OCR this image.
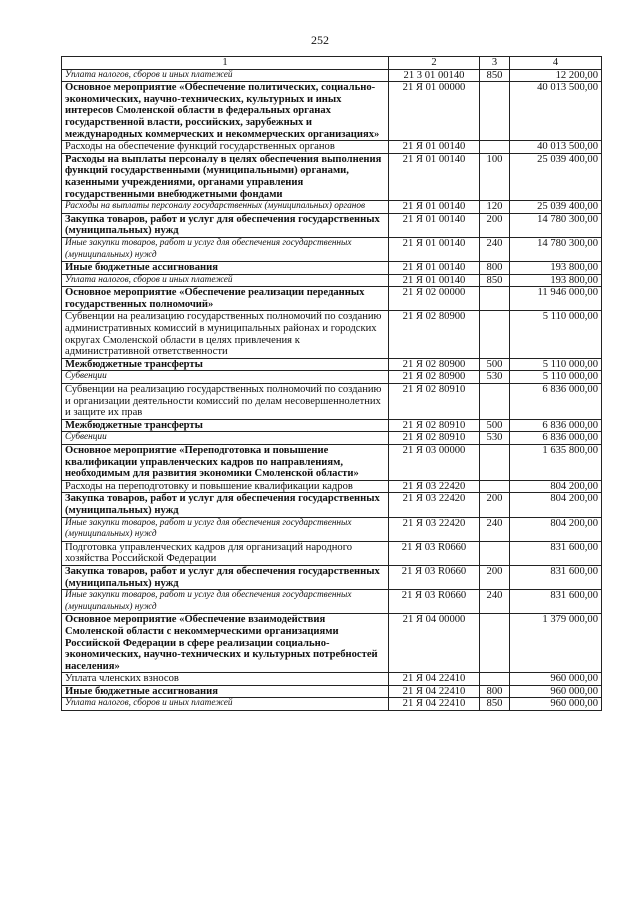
252
1	2	3	4
Уплата налогов, сборов и иных платежей	21 3 01 00140	850	12 200,00
Основное мероприятие «Обеспечение политических, социально-экономических, научно-технических, культурных и иных интересов Смоленской области в федеральных органах государственной власти, российских, зарубежных и международных коммерческих и некоммерческих организациях»	21 Я 01 00000		40 013 500,00
Расходы на обеспечение функций государственных органов	21 Я 01 00140		40 013 500,00
Расходы на выплаты персоналу в целях обеспечения выполнения функций государственными (муниципальными) органами, казенными учреждениями, органами управления государственными внебюджетными фондами	21 Я 01 00140	100	25 039 400,00
Расходы на выплаты персоналу государственных (муниципальных) органов	21 Я 01 00140	120	25 039 400,00
Закупка товаров, работ и услуг для обеспечения государственных (муниципальных) нужд	21 Я 01 00140	200	14 780 300,00
Иные закупки товаров, работ и услуг для обеспечения государственных (муниципальных) нужд	21 Я 01 00140	240	14 780 300,00
Иные бюджетные ассигнования	21 Я 01 00140	800	193 800,00
Уплата налогов, сборов и иных платежей	21 Я 01 00140	850	193 800,00
Основное мероприятие «Обеспечение реализации переданных государственных полномочий»	21 Я 02 00000		11 946 000,00
Субвенции на реализацию государственных полномочий по созданию административных комиссий в муниципальных районах и городских округах Смоленской области в целях привлечения к административной ответственности	21 Я 02 80900		5 110 000,00
Межбюджетные трансферты	21 Я 02 80900	500	5 110 000,00
Субвенции	21 Я 02 80900	530	5 110 000,00
Субвенции на реализацию государственных полномочий по созданию и организации деятельности комиссий по делам несовершеннолетних и защите их прав	21 Я 02 80910		6 836 000,00
Межбюджетные трансферты	21 Я 02 80910	500	6 836 000,00
Субвенции	21 Я 02 80910	530	6 836 000,00
Основное мероприятие «Переподготовка и повышение квалификации управленческих кадров по направлениям, необходимым для развития экономики Смоленской области»	21 Я 03 00000		1 635 800,00
Расходы на переподготовку и повышение квалификации кадров	21 Я 03 22420		804 200,00
Закупка товаров, работ и услуг для обеспечения государственных (муниципальных) нужд	21 Я 03 22420	200	804 200,00
Иные закупки товаров, работ и услуг для обеспечения государственных (муниципальных) нужд	21 Я 03 22420	240	804 200,00
Подготовка управленческих кадров для организаций народного хозяйства Российской Федерации	21 Я 03 R0660		831 600,00
Закупка товаров, работ и услуг для обеспечения государственных (муниципальных) нужд	21 Я 03 R0660	200	831 600,00
Иные закупки товаров, работ и услуг для обеспечения государственных (муниципальных) нужд	21 Я 03 R0660	240	831 600,00
Основное мероприятие «Обеспечение взаимодействия Смоленской области с некоммерческими организациями Российской Федерации в сфере реализации социально-экономических, научно-технических и культурных потребностей населения»	21 Я 04 00000		1 379 000,00
Уплата членских взносов	21 Я 04 22410		960 000,00
Иные бюджетные ассигнования	21 Я 04 22410	800	960 000,00
Уплата налогов, сборов и иных платежей	21 Я 04 22410	850	960 000,00
